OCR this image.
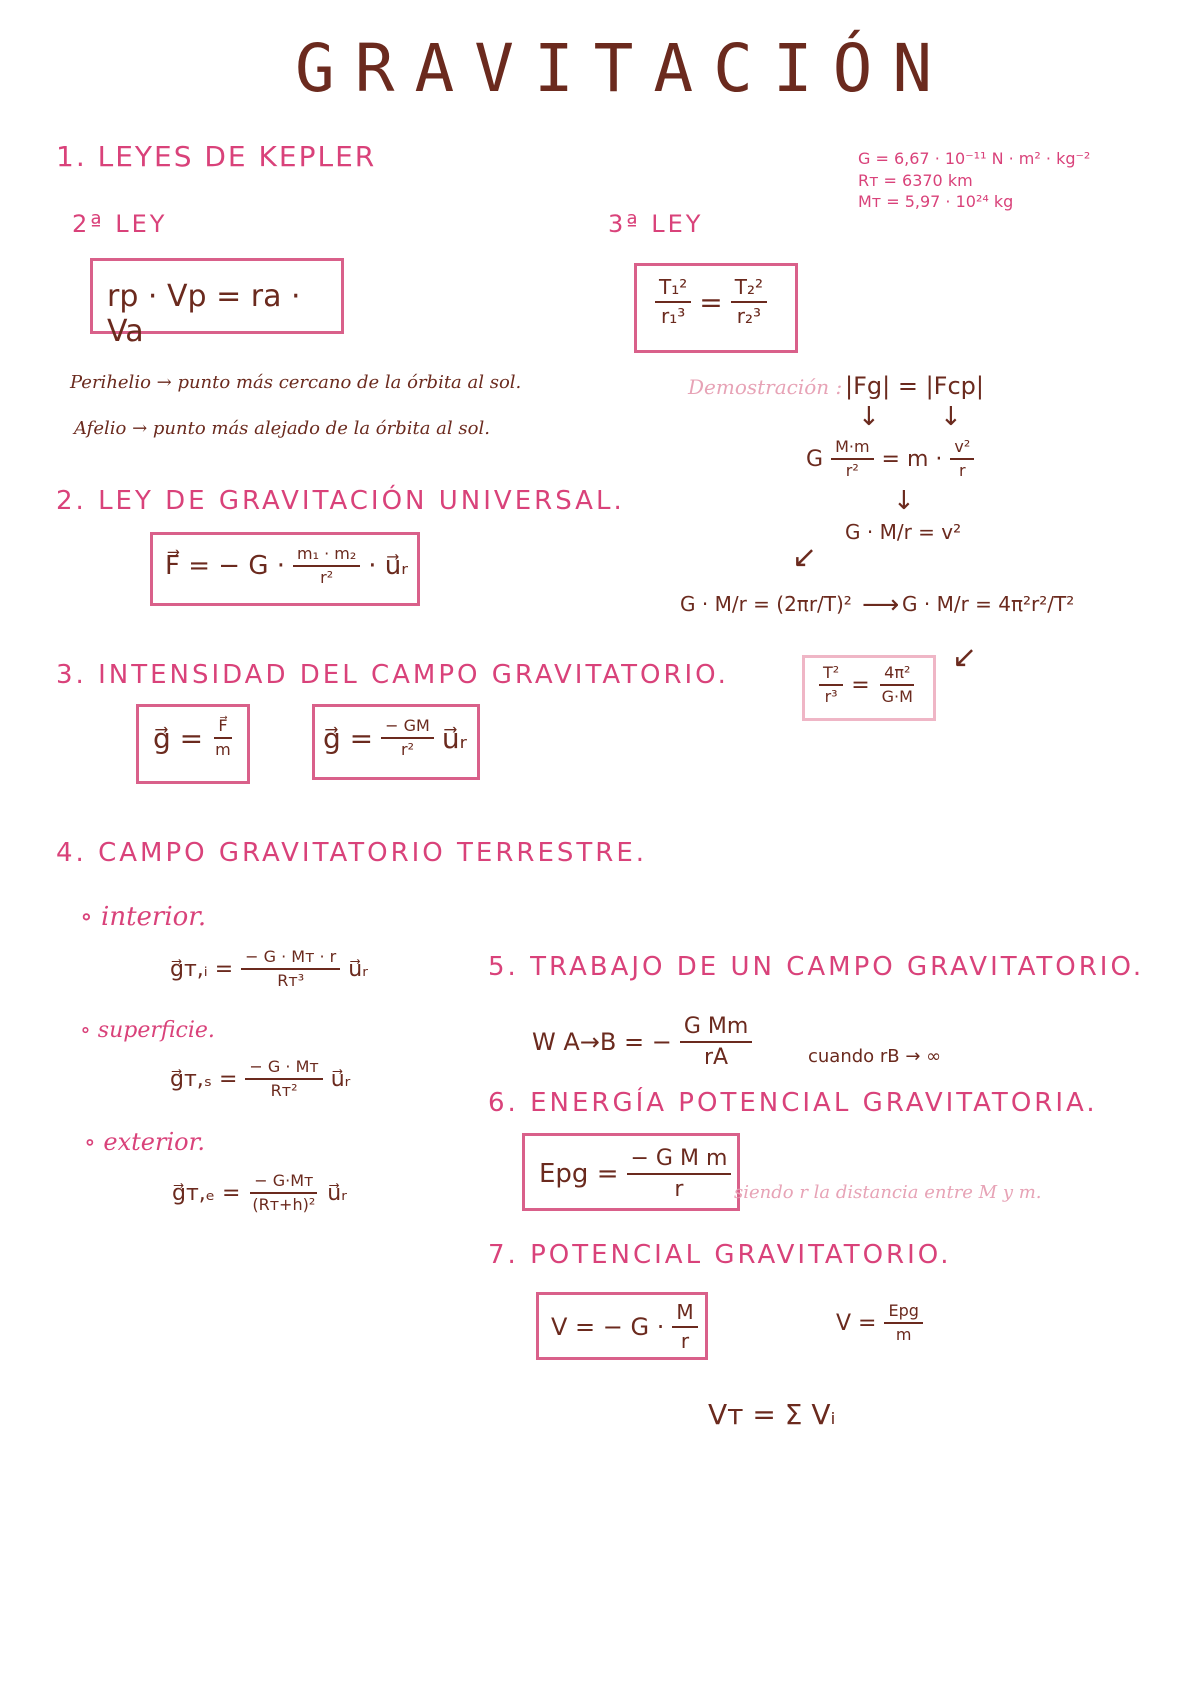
GRAVITACIÓN
G = 6,67 · 10⁻¹¹ N · m² · kg⁻²
Rᴛ = 6370 km
Mᴛ = 5,97 · 10²⁴ kg
1. LEYES DE KEPLER
2ª LEY
rp · Vp = ra · Va
Perihelio → punto más cercano de la órbita al sol.
Afelio → punto más alejado de la órbita al sol.
3ª LEY
$\frac{\text{T₁²}}{\text{r₁³}} = \frac{\text{T₂²}}{\text{r₂³}}$
Demostración : |Fg| = |Fcp|
↓ ↓
G $\frac{M\cdot m}{\text{r²}} = m \cdot \frac{\text{v²}}{r}$
↓
G · M/r = v²
↙
G · M/r = (2πr/T)² ⟶ G · M/r = 4π²r²/T²
↙
$\frac{\text{T²}}{\text{r³}} = \frac{\text{4π²}}{G\cdot M}$
2. LEY DE GRAVITACIÓN UNIVERSAL.
F⃗ = − $G \cdot \frac{\text{m₁ · m₂}}{\text{r²}}$ · u⃗ᵣ
3. INTENSIDAD DEL CAMPO GRAVITATORIO.
g⃗ = $\frac{F⃗}{m}$	g⃗ = $\frac{- GM}{\text{r²}}$ u⃗ᵣ
4. CAMPO GRAVITATORIO TERRESTRE.
∘ interior.
g⃗ᴛ,ᵢ = $\frac{\text{− G · Mᴛ · r}}{\text{Rᴛ³}}$ u⃗ᵣ
∘ superficie.
g⃗ᴛ,ₛ = $\frac{\text{− G · Mᴛ}}{\text{Rᴛ²}}$ u⃗ᵣ
∘ exterior.
g⃗ᴛ,ₑ = $\frac{\text{− G·Mᴛ}}{\text{(Rᴛ+h)²}}$ u⃗ᵣ
5. TRABAJO DE UN CAMPO GRAVITATORIO.
W A→B = − $\frac{\text{G Mm}}{rA}$	cuando rB → ∞
6. ENERGÍA POTENCIAL GRAVITATORIA.
Epg = $\frac{\text{− G M m}}{r}$ siendo r la distancia entre M y m.
7. POTENCIAL GRAVITATORIO.
V = − $G \cdot \frac{M}{r}$	$V = \frac{\text{Epg}}{m}$
Vᴛ = Σ Vᵢ
